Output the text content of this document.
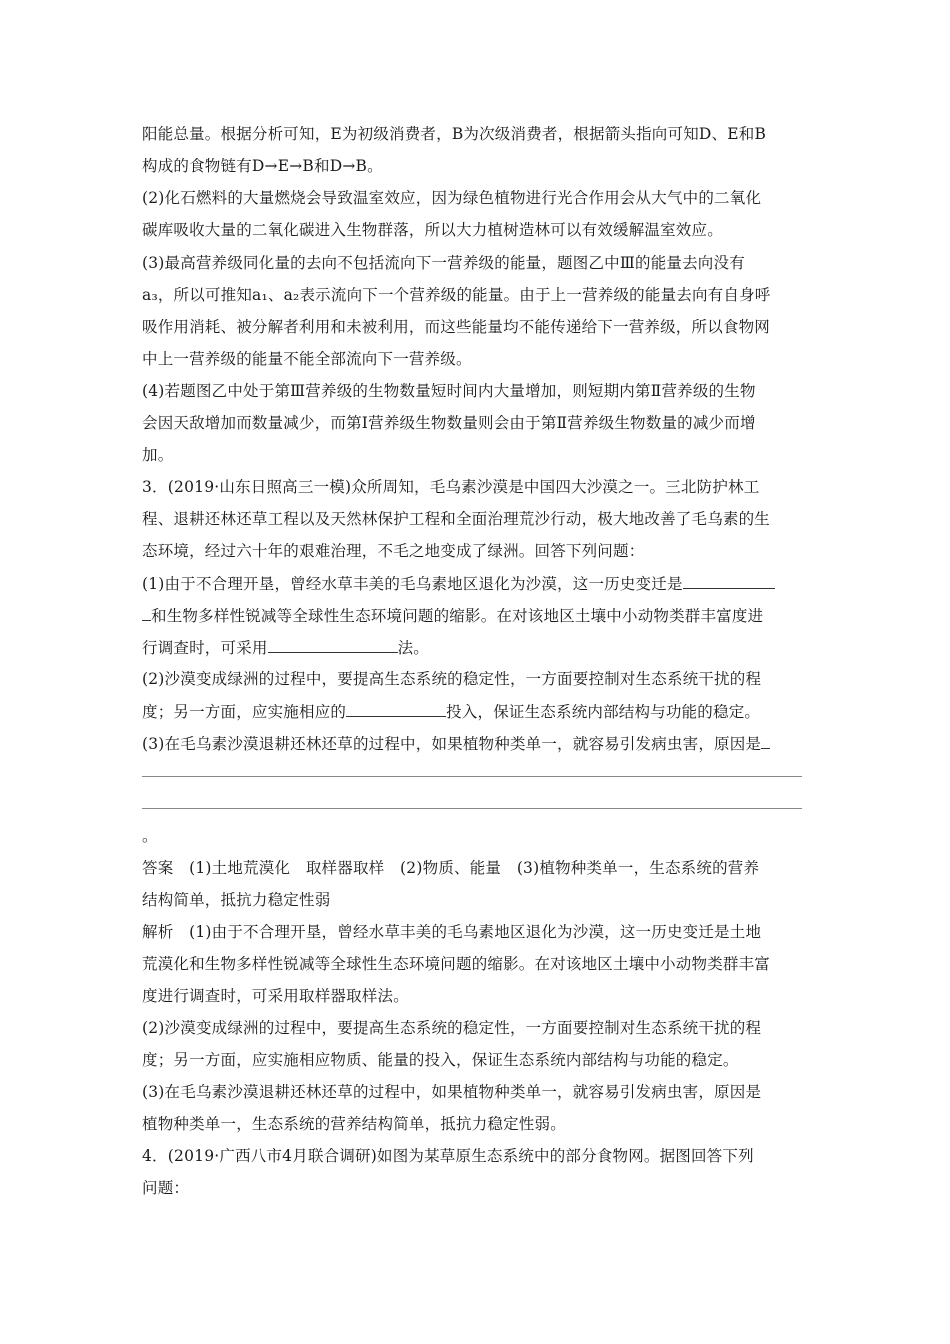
阳能总量。根据分析可知，E为初级消费者，B为次级消费者，根据箭头指向可知D、E和B
构成的食物链有D→E→B和D→B。
(2)化石燃料的大量燃烧会导致温室效应，因为绿色植物进行光合作用会从大气中的二氧化
碳库吸收大量的二氧化碳进入生物群落，所以大力植树造林可以有效缓解温室效应。
(3)最高营养级同化量的去向不包括流向下一营养级的能量，题图乙中Ⅲ的能量去向没有
a₃，所以可推知a₁、a₂表示流向下一个营养级的能量。由于上一营养级的能量去向有自身呼
吸作用消耗、被分解者利用和未被利用，而这些能量均不能传递给下一营养级，所以食物网
中上一营养级的能量不能全部流向下一营养级。
(4)若题图乙中处于第Ⅲ营养级的生物数量短时间内大量增加，则短期内第Ⅱ营养级的生物
会因天敌增加而数量减少，而第Ⅰ营养级生物数量则会由于第Ⅱ营养级生物数量的减少而增
加。
3．(2019·山东日照高三一模)众所周知，毛乌素沙漠是中国四大沙漠之一。三北防护林工
程、退耕还林还草工程以及天然林保护工程和全面治理荒沙行动，极大地改善了毛乌素的生
态环境，经过六十年的艰难治理，不毛之地变成了绿洲。回答下列问题：
(1)由于不合理开垦，曾经水草丰美的毛乌素地区退化为沙漠，这一历史变迁是
和生物多样性锐减等全球性生态环境问题的缩影。在对该地区土壤中小动物类群丰富度进
行调查时，可采用	法。
(2)沙漠变成绿洲的过程中，要提高生态系统的稳定性，一方面要控制对生态系统干扰的程
度；另一方面，应实施相应的	投入，保证生态系统内部结构与功能的稳定。
(3)在毛乌素沙漠退耕还林还草的过程中，如果植物种类单一，就容易引发病虫害，原因是
。
答案　(1)土地荒漠化　取样器取样　(2)物质、能量　(3)植物种类单一，生态系统的营养
结构简单，抵抗力稳定性弱
解析　(1)由于不合理开垦，曾经水草丰美的毛乌素地区退化为沙漠，这一历史变迁是土地
荒漠化和生物多样性锐减等全球性生态环境问题的缩影。在对该地区土壤中小动物类群丰富
度进行调查时，可采用取样器取样法。
(2)沙漠变成绿洲的过程中，要提高生态系统的稳定性，一方面要控制对生态系统干扰的程
度；另一方面，应实施相应物质、能量的投入，保证生态系统内部结构与功能的稳定。
(3)在毛乌素沙漠退耕还林还草的过程中，如果植物种类单一，就容易引发病虫害，原因是
植物种类单一，生态系统的营养结构简单，抵抗力稳定性弱。
4．(2019·广西八市4月联合调研)如图为某草原生态系统中的部分食物网。据图回答下列
问题：
